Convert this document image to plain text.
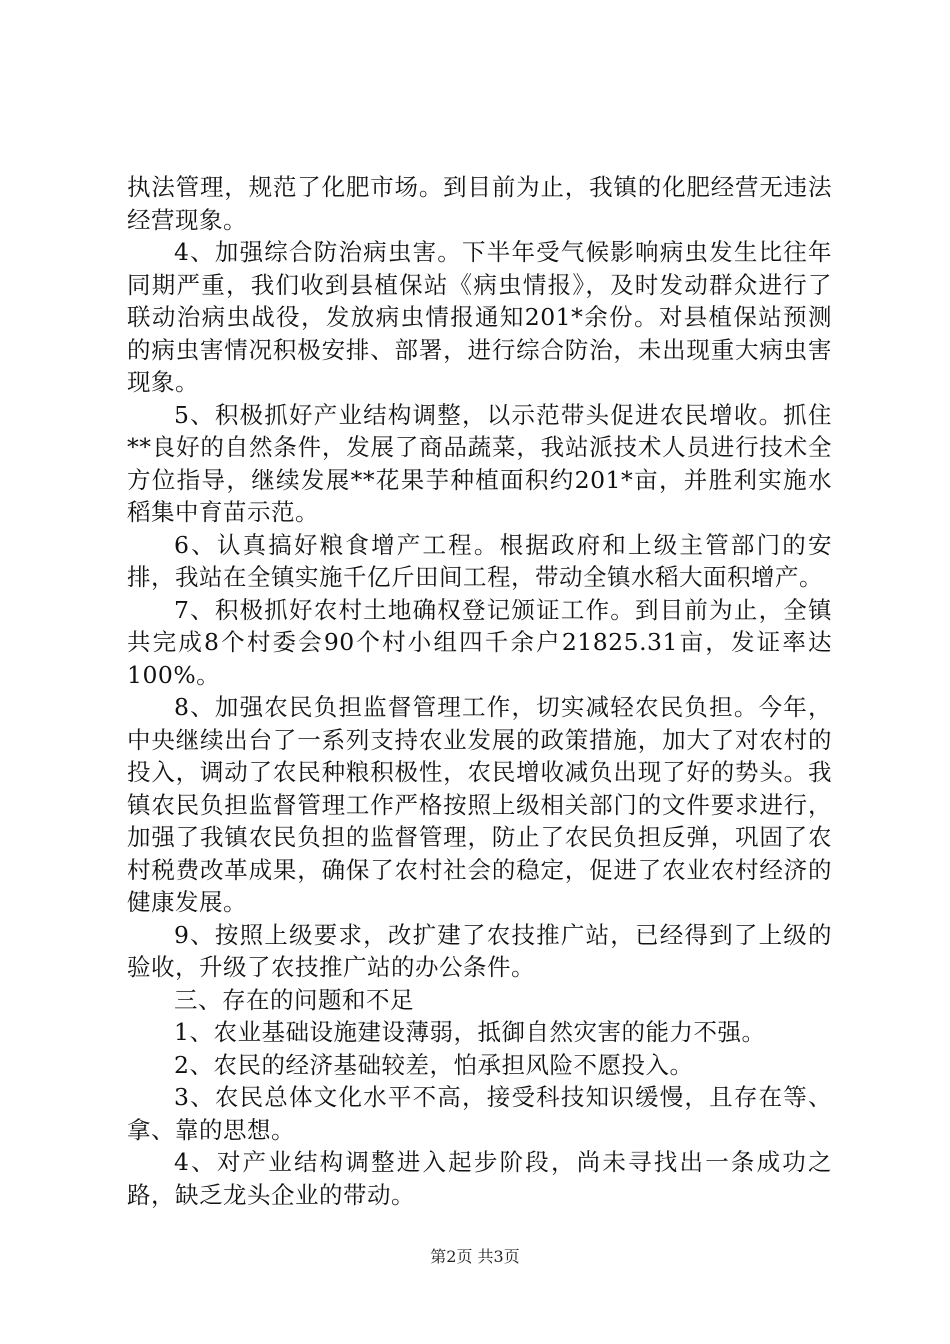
执法管理，规范了化肥市场。到目前为止，我镇的化肥经营无违法经营现象。

4、加强综合防治病虫害。下半年受气候影响病虫发生比往年同期严重，我们收到县植保站《病虫情报》，及时发动群众进行了联动治病虫战役，发放病虫情报通知201*余份。对县植保站预测的病虫害情况积极安排、部署，进行综合防治，未出现重大病虫害现象。

5、积极抓好产业结构调整，以示范带头促进农民增收。抓住**良好的自然条件，发展了商品蔬菜，我站派技术人员进行技术全方位指导，继续发展**花果芋种植面积约201*亩，并胜利实施水稻集中育苗示范。

6、认真搞好粮食增产工程。根据政府和上级主管部门的安排，我站在全镇实施千亿斤田间工程，带动全镇水稻大面积增产。

7、积极抓好农村土地确权登记颁证工作。到目前为止，全镇共完成8个村委会90个村小组四千余户21825.31亩，发证率达100%。

8、加强农民负担监督管理工作，切实减轻农民负担。今年，中央继续出台了一系列支持农业发展的政策措施，加大了对农村的投入，调动了农民种粮积极性，农民增收减负出现了好的势头。我镇农民负担监督管理工作严格按照上级相关部门的文件要求进行，加强了我镇农民负担的监督管理，防止了农民负担反弹，巩固了农村税费改革成果，确保了农村社会的稳定，促进了农业农村经济的健康发展。

9、按照上级要求，改扩建了农技推广站，已经得到了上级的验收，升级了农技推广站的办公条件。

三、存在的问题和不足

1、农业基础设施建设薄弱，抵御自然灾害的能力不强。

2、农民的经济基础较差，怕承担风险不愿投入。

3、农民总体文化水平不高，接受科技知识缓慢，且存在等、拿、靠的思想。

4、对产业结构调整进入起步阶段，尚未寻找出一条成功之路，缺乏龙头企业的带动。

第2页 共3页
